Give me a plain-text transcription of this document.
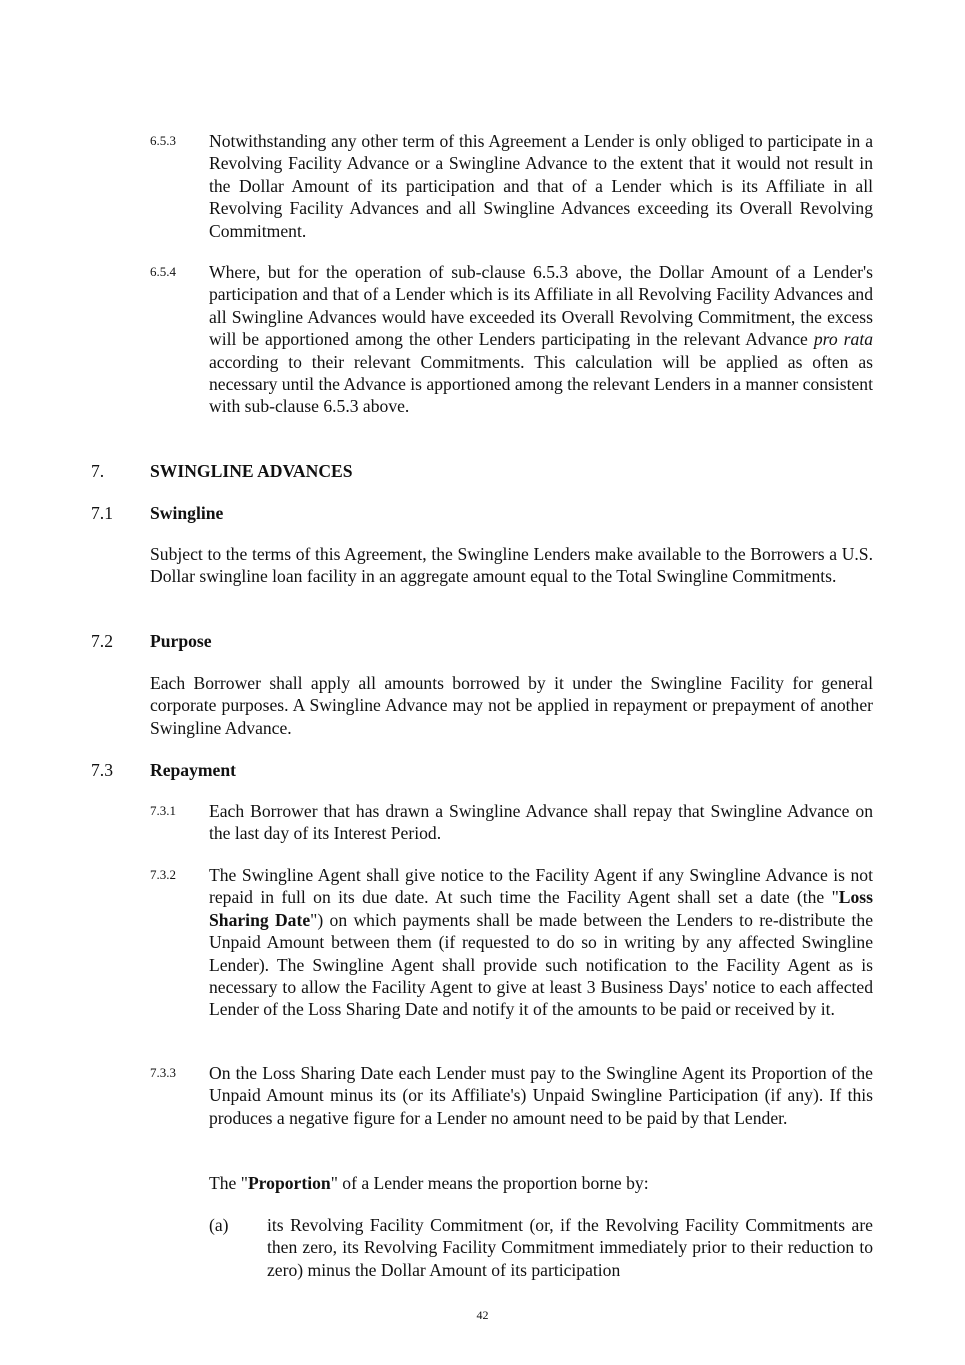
6.5.3 Notwithstanding any other term of this Agreement a Lender is only obliged to participate in a Revolving Facility Advance or a Swingline Advance to the extent that it would not result in the Dollar Amount of its participation and that of a Lender which is its Affiliate in all Revolving Facility Advances and all Swingline Advances exceeding its Overall Revolving Commitment.
6.5.4 Where, but for the operation of sub-clause 6.5.3 above, the Dollar Amount of a Lender's participation and that of a Lender which is its Affiliate in all Revolving Facility Advances and all Swingline Advances would have exceeded its Overall Revolving Commitment, the excess will be apportioned among the other Lenders participating in the relevant Advance pro rata according to their relevant Commitments. This calculation will be applied as often as necessary until the Advance is apportioned among the relevant Lenders in a manner consistent with sub-clause 6.5.3 above.
7.	SWINGLINE ADVANCES
7.1 Swingline
Subject to the terms of this Agreement, the Swingline Lenders make available to the Borrowers a U.S. Dollar swingline loan facility in an aggregate amount equal to the Total Swingline Commitments.
7.2 Purpose
Each Borrower shall apply all amounts borrowed by it under the Swingline Facility for general corporate purposes. A Swingline Advance may not be applied in repayment or prepayment of another Swingline Advance.
7.3 Repayment
7.3.1 Each Borrower that has drawn a Swingline Advance shall repay that Swingline Advance on the last day of its Interest Period.
7.3.2 The Swingline Agent shall give notice to the Facility Agent if any Swingline Advance is not repaid in full on its due date. At such time the Facility Agent shall set a date (the "Loss Sharing Date") on which payments shall be made between the Lenders to re-distribute the Unpaid Amount between them (if requested to do so in writing by any affected Swingline Lender). The Swingline Agent shall provide such notification to the Facility Agent as is necessary to allow the Facility Agent to give at least 3 Business Days' notice to each affected Lender of the Loss Sharing Date and notify it of the amounts to be paid or received by it.
7.3.3 On the Loss Sharing Date each Lender must pay to the Swingline Agent its Proportion of the Unpaid Amount minus its (or its Affiliate's) Unpaid Swingline Participation (if any). If this produces a negative figure for a Lender no amount need to be paid by that Lender.
The "Proportion" of a Lender means the proportion borne by:
(a) its Revolving Facility Commitment (or, if the Revolving Facility Commitments are then zero, its Revolving Facility Commitment immediately prior to their reduction to zero) minus the Dollar Amount of its participation
42
